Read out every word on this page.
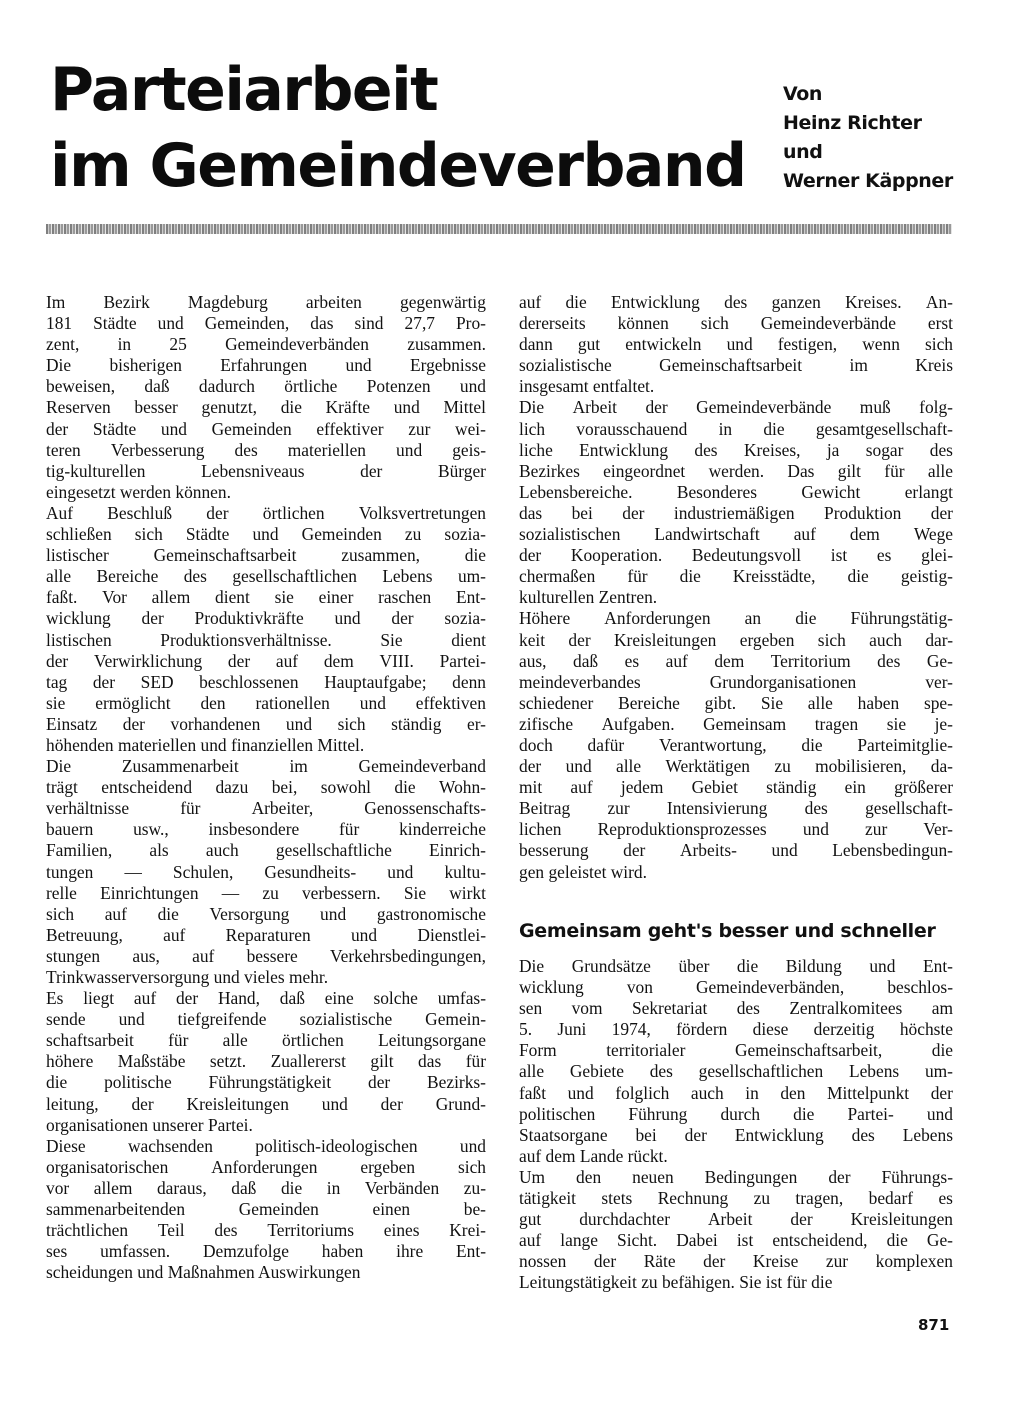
Parteiarbeit
im Gemeindeverband
Von
Heinz Richter
und
Werner Käppner
Im Bezirk Magdeburg arbeiten gegenwärtig
181 Städte und Gemeinden, das sind 27,7 Pro-
zent, in 25 Gemeindeverbänden zusammen.
Die bisherigen Erfahrungen und Ergebnisse
beweisen, daß dadurch örtliche Potenzen und
Reserven besser genutzt, die Kräfte und Mittel
der Städte und Gemeinden effektiver zur wei-
teren Verbesserung des materiellen und geis-
tig-kulturellen	Lebensniveaus	der	Bürger
eingesetzt werden können.
Auf Beschluß der örtlichen Volksvertretungen
schließen sich Städte und Gemeinden zu sozia-
listischer	Gemeinschaftsarbeit	zusammen,	die
alle Bereiche des gesellschaftlichen Lebens um-
faßt. Vor allem dient sie einer raschen Ent-
wicklung der Produktivkräfte und der sozia-
listischen	Produktionsverhältnisse.	Sie	dient
der Verwirklichung der auf dem VIII. Partei-
tag der SED beschlossenen Hauptaufgabe; denn
sie ermöglicht den rationellen und effektiven
Einsatz der vorhandenen und sich ständig er-
höhenden materiellen und finanziellen Mittel.
Die	Zusammenarbeit	im	Gemeindeverband
trägt entscheidend dazu bei, sowohl die Wohn-
verhältnisse	für	Arbeiter,	Genossenschafts-
bauern usw., insbesondere für kinderreiche
Familien, als auch gesellschaftliche Einrich-
tungen — Schulen, Gesundheits- und kultu-
relle Einrichtungen — zu verbessern. Sie wirkt
sich auf die Versorgung und gastronomische
Betreuung, auf Reparaturen und Dienstlei-
stungen aus, auf bessere Verkehrsbedingungen,
Trinkwasserversorgung und vieles mehr.
Es liegt auf der Hand, daß eine solche umfas-
sende und tiefgreifende sozialistische Gemein-
schaftsarbeit für alle örtlichen Leitungsorgane
höhere Maßstäbe setzt. Zuallererst gilt das für
die politische Führungstätigkeit der Bezirks-
leitung, der Kreisleitungen und der Grund-
organisationen unserer Partei.
Diese wachsenden politisch-ideologischen und
organisatorischen Anforderungen ergeben sich
vor allem daraus, daß die in Verbänden zu-
sammenarbeitenden	Gemeinden	einen	be-
trächtlichen Teil des Territoriums eines Krei-
ses umfassen. Demzufolge haben ihre Ent-
scheidungen und Maßnahmen Auswirkungen
auf die Entwicklung des ganzen Kreises. An-
dererseits können sich Gemeindeverbände erst
dann gut entwickeln und festigen, wenn sich
sozialistische	Gemeinschaftsarbeit	im	Kreis
insgesamt entfaltet.
Die Arbeit der Gemeindeverbände muß folg-
lich vorausschauend in die gesamtgesellschaft-
liche Entwicklung des Kreises, ja sogar des
Bezirkes eingeordnet werden. Das gilt für alle
Lebensbereiche.	Besonderes	Gewicht	erlangt
das bei der industriemäßigen Produktion der
sozialistischen Landwirtschaft auf dem Wege
der Kooperation. Bedeutungsvoll ist es glei-
chermaßen für die Kreisstädte, die geistig-
kulturellen Zentren.
Höhere Anforderungen an die Führungstätig-
keit der Kreisleitungen ergeben sich auch dar-
aus, daß es auf dem Territorium des Ge-
meindeverbandes	Grundorganisationen	ver-
schiedener Bereiche gibt. Sie alle haben spe-
zifische Aufgaben. Gemeinsam tragen sie je-
doch dafür Verantwortung, die Parteimitglie-
der und alle Werktätigen zu mobilisieren, da-
mit auf jedem Gebiet ständig ein größerer
Beitrag zur Intensivierung des gesellschaft-
lichen Reproduktionsprozesses und zur Ver-
besserung der Arbeits- und Lebensbedingun-
gen geleistet wird.
Gemeinsam geht's besser und schneller
Die Grundsätze über die Bildung und Ent-
wicklung von Gemeindeverbänden, beschlos-
sen vom Sekretariat des Zentralkomitees am
5. Juni 1974, fördern diese derzeitig höchste
Form	territorialer	Gemeinschaftsarbeit,	die
alle Gebiete des gesellschaftlichen Lebens um-
faßt und folglich auch in den Mittelpunkt der
politischen Führung durch die Partei- und
Staatsorgane bei der Entwicklung des Lebens
auf dem Lande rückt.
Um den neuen Bedingungen der Führungs-
tätigkeit stets Rechnung zu tragen, bedarf es
gut durchdachter Arbeit der Kreisleitungen
auf lange Sicht. Dabei ist entscheidend, die Ge-
nossen der Räte der Kreise zur komplexen
Leitungstätigkeit zu befähigen. Sie ist für die
871
